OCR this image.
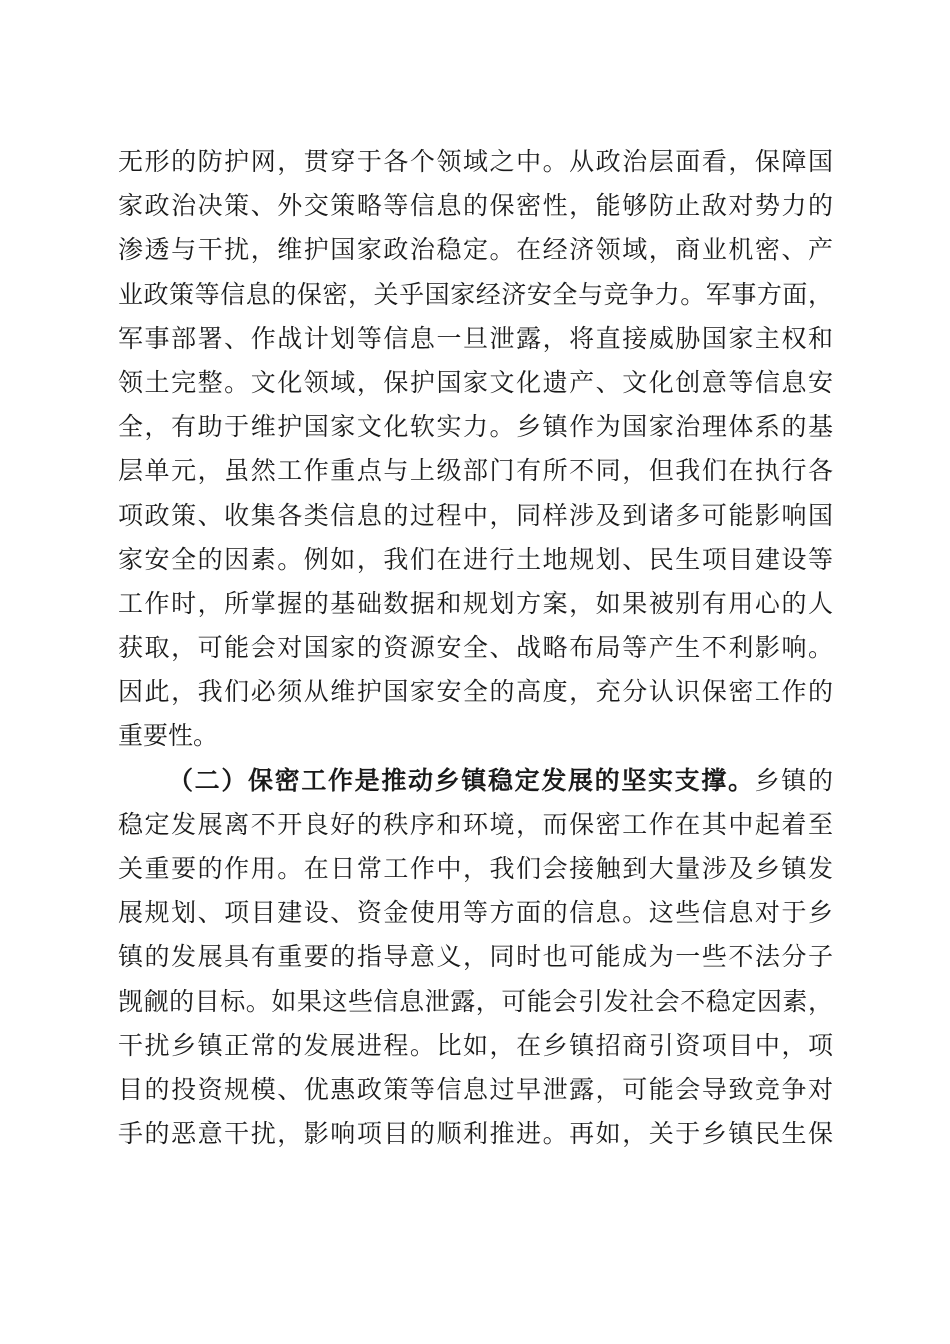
无形的防护网，贯穿于各个领域之中。从政治层面看，保障国
家政治决策、外交策略等信息的保密性，能够防止敌对势力的
渗透与干扰，维护国家政治稳定。在经济领域，商业机密、产
业政策等信息的保密，关乎国家经济安全与竞争力。军事方面，
军事部署、作战计划等信息一旦泄露，将直接威胁国家主权和
领土完整。文化领域，保护国家文化遗产、文化创意等信息安
全，有助于维护国家文化软实力。乡镇作为国家治理体系的基
层单元，虽然工作重点与上级部门有所不同，但我们在执行各
项政策、收集各类信息的过程中，同样涉及到诸多可能影响国
家安全的因素。例如，我们在进行土地规划、民生项目建设等
工作时，所掌握的基础数据和规划方案，如果被别有用心的人
获取，可能会对国家的资源安全、战略布局等产生不利影响。
因此，我们必须从维护国家安全的高度，充分认识保密工作的
重要性。
（二）保密工作是推动乡镇稳定发展的坚实支撑。乡镇的
稳定发展离不开良好的秩序和环境，而保密工作在其中起着至
关重要的作用。在日常工作中，我们会接触到大量涉及乡镇发
展规划、项目建设、资金使用等方面的信息。这些信息对于乡
镇的发展具有重要的指导意义，同时也可能成为一些不法分子
觊觎的目标。如果这些信息泄露，可能会引发社会不稳定因素，
干扰乡镇正常的发展进程。比如，在乡镇招商引资项目中，项
目的投资规模、优惠政策等信息过早泄露，可能会导致竞争对
手的恶意干扰，影响项目的顺利推进。再如，关于乡镇民生保
